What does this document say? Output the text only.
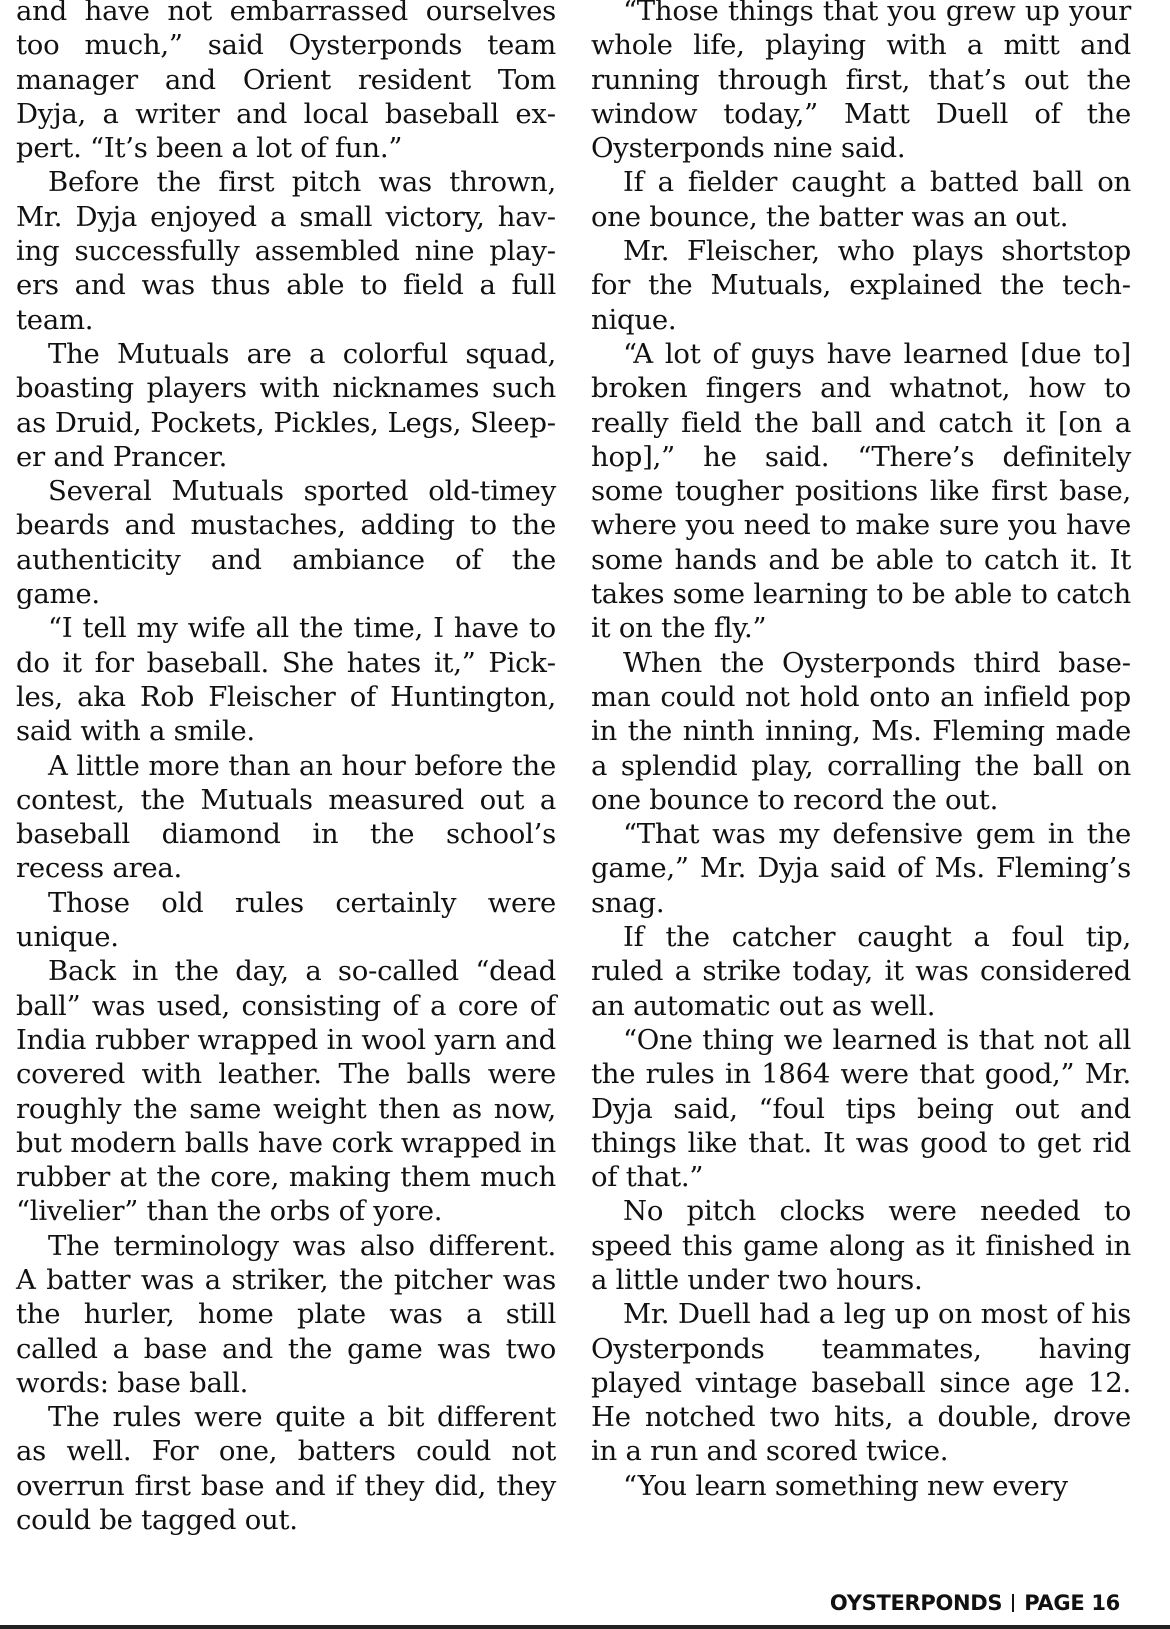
and have not embarrassed ourselves too much,” said Oysterponds team manager and Orient resident Tom Dyja, a writer and local baseball expert. “It’s been a lot of fun.”

Before the first pitch was thrown, Mr. Dyja enjoyed a small victory, having successfully assembled nine players and was thus able to field a full team.

The Mutuals are a colorful squad, boasting players with nicknames such as Druid, Pockets, Pickles, Legs, Sleeper and Prancer.

Several Mutuals sported old-timey beards and mustaches, adding to the authenticity and ambiance of the game.

“I tell my wife all the time, I have to do it for baseball. She hates it,” Pickles, aka Rob Fleischer of Huntington, said with a smile.

A little more than an hour before the contest, the Mutuals measured out a baseball diamond in the school’s recess area.

Those old rules certainly were unique.

Back in the day, a so-called “dead ball” was used, consisting of a core of India rubber wrapped in wool yarn and covered with leather. The balls were roughly the same weight then as now, but modern balls have cork wrapped in rubber at the core, making them much “livelier” than the orbs of yore.

The terminology was also different. A batter was a striker, the pitcher was the hurler, home plate was a still called a base and the game was two words: base ball.

The rules were quite a bit different as well. For one, batters could not overrun first base and if they did, they could be tagged out.

“Those things that you grew up your whole life, playing with a mitt and running through first, that’s out the window today,” Matt Duell of the Oysterponds nine said.

If a fielder caught a batted ball on one bounce, the batter was an out.

Mr. Fleischer, who plays shortstop for the Mutuals, explained the technique.

“A lot of guys have learned [due to] broken fingers and whatnot, how to really field the ball and catch it [on a hop],” he said. “There’s definitely some tougher positions like first base, where you need to make sure you have some hands and be able to catch it. It takes some learning to be able to catch it on the fly.”

When the Oysterponds third baseman could not hold onto an infield pop in the ninth inning, Ms. Fleming made a splendid play, corralling the ball on one bounce to record the out.

“That was my defensive gem in the game,” Mr. Dyja said of Ms. Fleming’s snag.

If the catcher caught a foul tip, ruled a strike today, it was considered an automatic out as well.

“One thing we learned is that not all the rules in 1864 were that good,” Mr. Dyja said, “foul tips being out and things like that. It was good to get rid of that.”

No pitch clocks were needed to speed this game along as it finished in a little under two hours.

Mr. Duell had a leg up on most of his Oysterponds teammates, having played vintage baseball since age 12. He notched two hits, a double, drove in a run and scored twice.

“You learn something new every

OYSTERPONDS PAGE 16
